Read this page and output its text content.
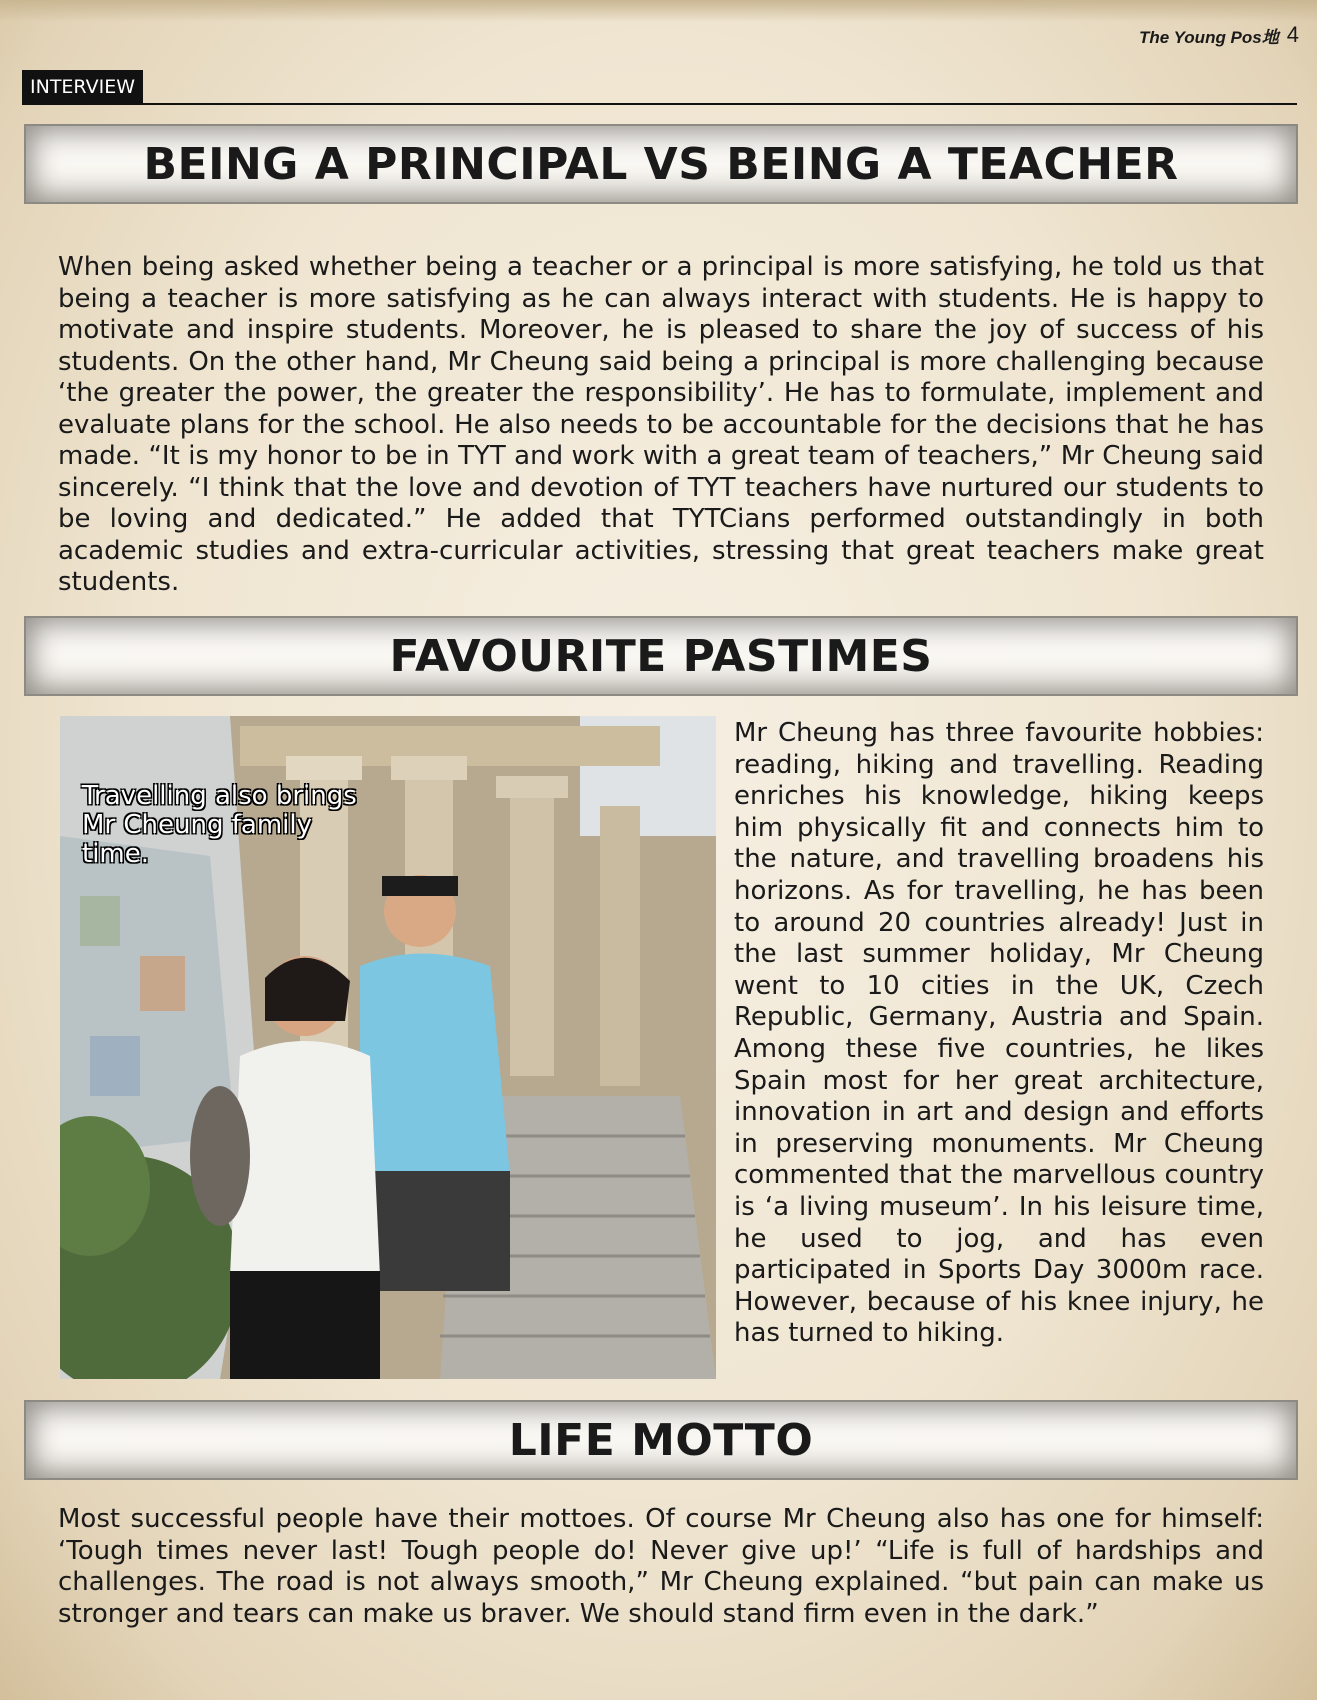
The Young Pos地 4
INTERVIEW
BEING A PRINCIPAL VS BEING A TEACHER

When being asked whether being a teacher or a principal is more satisfying, he told us that being a teacher is more satisfying as he can always interact with students. He is happy to motivate and inspire students. Moreover, he is pleased to share the joy of success of his students. On the other hand, Mr Cheung said being a principal is more challenging because ‘the greater the power, the greater the responsibility’. He has to formulate, implement and evaluate plans for the school. He also needs to be accountable for the decisions that he has made. “It is my honor to be in TYT and work with a great team of teachers,” Mr Cheung said sincerely. “I think that the love and devotion of TYT teachers have nurtured our students to be loving and dedicated.” He added that TYTCians performed outstandingly in both academic studies and extra-curricular activities, stressing that great teachers make great students.

FAVOURITE PASTIMES

Travelling also brings Mr Cheung family time.

Mr Cheung has three favourite hobbies: reading, hiking and travelling. Reading enriches his knowledge, hiking keeps him physically fit and connects him to the nature, and travelling broadens his horizons. As for travelling, he has been to around 20 countries already! Just in the last summer holiday, Mr Cheung went to 10 cities in the UK, Czech Republic, Germany, Austria and Spain. Among these five countries, he likes Spain most for her great architecture, innovation in art and design and efforts in preserving monuments. Mr Cheung commented that the marvellous country is ‘a living museum’. In his leisure time, he used to jog, and has even participated in Sports Day 3000m race. However, because of his knee injury, he has turned to hiking.

LIFE MOTTO

Most successful people have their mottoes. Of course Mr Cheung also has one for himself: ‘Tough times never last! Tough people do! Never give up!’ “Life is full of hardships and challenges. The road is not always smooth,” Mr Cheung explained. “but pain can make us stronger and tears can make us braver. We should stand firm even in the dark.”
